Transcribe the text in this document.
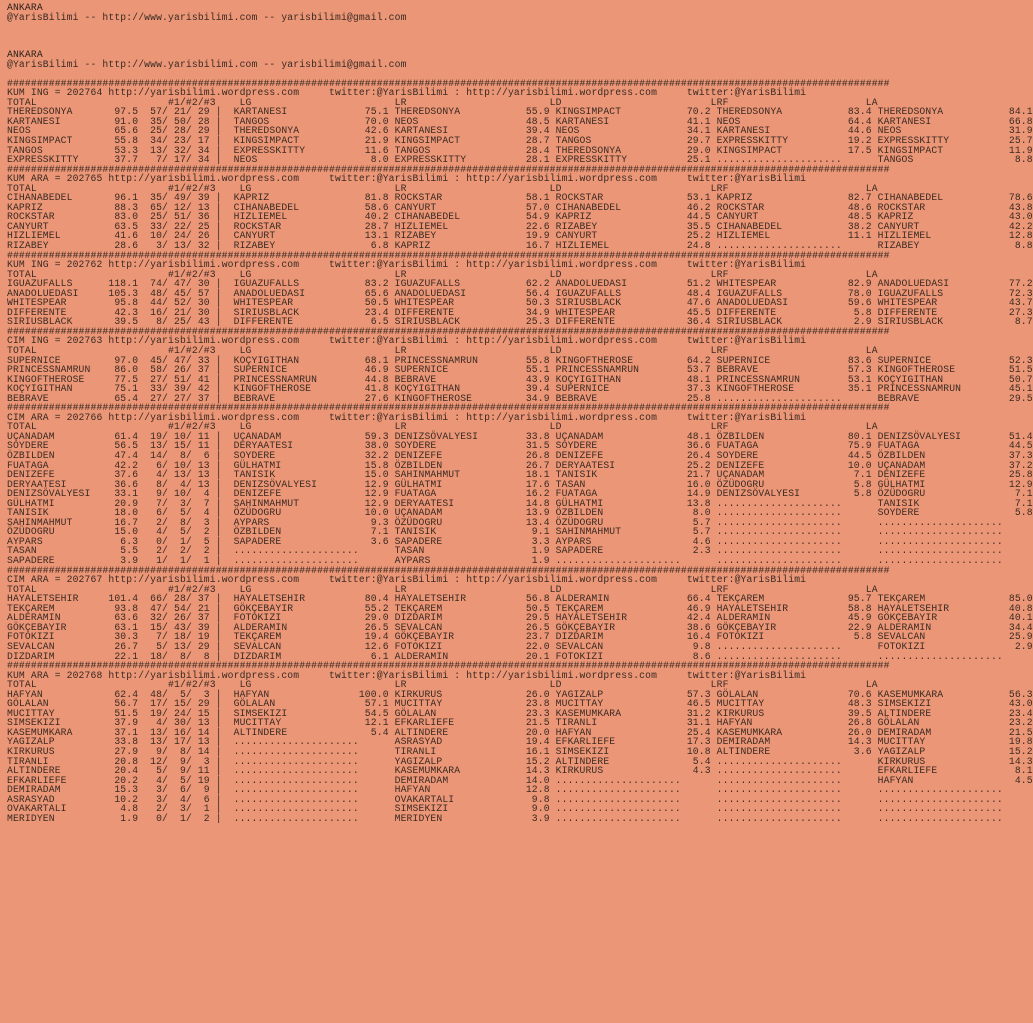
ANKARA
@YarisBilimi -- http://www.yarisbilimi.com -- yarisbilimi@gmail.com
ANKARA
@YarisBilimi -- http://www.yarisbilimi.com -- yarisbilimi@gmail.com
####################################################################################################################################################
KUM ING = 202764 http://yarisbilimi.wordpress.com     twitter:@YarisBilimi : http://yarisbilimi.wordpress.com     twitter:@YarisBilimi
TOTAL                      #1/#2/#3    LG                        LR                        LD                         LRF                       LA
THEREDSONYA       97.5  57/ 21/ 29 |  KARTANESI             75.1 THEREDSONYA           55.9 KINGSIMPACT           70.2 THEREDSONYA           83.4 THEREDSONYA           84.1
KARTANESI         91.0  35/ 50/ 28 |  TANGOS                70.0 NEOS                  48.5 KARTANESI             41.1 NEOS                  64.4 KARTANESI             66.8
NEOS              65.6  25/ 28/ 29 |  THEREDSONYA           42.6 KARTANESI             39.4 NEOS                  34.1 KARTANESI             44.6 NEOS                  31.9
KINGSIMPACT       55.8  34/ 23/ 17 |  KINGSIMPACT           21.9 KINGSIMPACT           28.7 TANGOS                29.7 EXPRESSKITTY          19.2 EXPRESSKITTY          25.7
TANGOS            53.3  13/ 32/ 34 |  EXPRESSKITTY          11.6 TANGOS                28.4 THEREDSONYA           29.0 KINGSIMPACT           17.5 KINGSIMPACT           11.9
EXPRESSKITTY      37.7   7/ 17/ 34 |  NEOS                   8.0 EXPRESSKITTY          28.1 EXPRESSKITTY          25.1 .....................      TANGOS                 8.8
####################################################################################################################################################
KUM ARA = 202765 http://yarisbilimi.wordpress.com     twitter:@YarisBilimi : http://yarisbilimi.wordpress.com     twitter:@YarisBilimi
TOTAL                      #1/#2/#3    LG                        LR                        LD                         LRF                       LA
CIHANABEDEL       96.1  35/ 49/ 39 |  KAPRIZ                81.8 ROCKSTAR              58.1 ROCKSTAR              53.1 KAPRIZ                82.7 CIHANABEDEL           78.6
KAPRIZ            88.3  65/ 12/ 13 |  CIHANABEDEL           58.6 CANYURT               57.0 CIHANABEDEL           46.2 ROCKSTAR              48.6 ROCKSTAR              43.8
ROCKSTAR          83.0  25/ 51/ 36 |  HIZLIEMEL             40.2 CIHANABEDEL           54.9 KAPRIZ                44.5 CANYURT               48.5 KAPRIZ                43.0
CANYURT           63.5  33/ 22/ 25 |  ROCKSTAR              28.7 HIZLIEMEL             22.6 RIZABEY               35.5 CIHANABEDEL           38.2 CANYURT               42.2
HIZLIEMEL         41.6  10/ 24/ 26 |  CANYURT               13.1 RIZABEY               19.9 CANYURT               25.2 HIZLIEMEL             11.1 HIZLIEMEL             12.8
RIZABEY           28.6   3/ 13/ 32 |  RIZABEY                6.8 KAPRIZ                16.7 HIZLIEMEL             24.8 .....................      RIZABEY                8.8
####################################################################################################################################################
KUM ING = 202762 http://yarisbilimi.wordpress.com     twitter:@YarisBilimi : http://yarisbilimi.wordpress.com     twitter:@YarisBilimi
TOTAL                      #1/#2/#3    LG                        LR                        LD                         LRF                       LA
IGUAZUFALLS      118.1  74/ 47/ 30 |  IGUAZUFALLS           83.2 IGUAZUFALLS           62.2 ANADOLUEDASI          51.2 WHITESPEAR            82.9 ANADOLUEDASI          77.2
ANADOLUEDASI     105.3  48/ 45/ 57 |  ANADOLUEDASI          65.6 ANADOLUEDASI          56.4 IGUAZUFALLS           48.4 IGUAZUFALLS           78.0 IGUAZUFALLS           72.3
WHITESPEAR        95.8  44/ 52/ 30 |  WHITESPEAR            50.5 WHITESPEAR            50.3 SIRIUSBLACK           47.6 ANADOLUEDASI          59.6 WHITESPEAR            43.7
DIFFERENTE        42.3  16/ 21/ 30 |  SIRIUSBLACK           23.4 DIFFERENTE            34.9 WHITESPEAR            45.5 DIFFERENTE             5.8 DIFFERENTE            27.3
SIRIUSBLACK       39.5   8/ 25/ 43 |  DIFFERENTE             6.5 SIRIUSBLACK           25.3 DIFFERENTE            36.4 SIRIUSBLACK            2.9 SIRIUSBLACK            8.7
####################################################################################################################################################
CIM ING = 202763 http://yarisbilimi.wordpress.com     twitter:@YarisBilimi : http://yarisbilimi.wordpress.com     twitter:@YarisBilimi
TOTAL                      #1/#2/#3    LG                        LR                        LD                         LRF                       LA
SUPERNICE         97.0  45/ 47/ 33 |  KOÇYIGITHAN           68.1 PRINCESSNAMRUN        55.8 KINGOFTHEROSE         64.2 SUPERNICE             83.6 SUPERNICE             52.3
PRINCESSNAMRUN    86.0  58/ 26/ 37 |  SUPERNICE             46.9 SUPERNICE             55.1 PRINCESSNAMRUN        53.7 BEBRAVE               57.3 KINGOFTHEROSE         51.5
KINGOFTHEROSE     77.5  27/ 51/ 41 |  PRINCESSNAMRUN        44.8 BEBRAVE               43.9 KOÇYIGITHAN           48.1 PRINCESSNAMRUN        53.1 KOÇYIGITHAN           50.7
KOÇYIGITHAN       75.1  33/ 39/ 42 |  KINGOFTHEROSE         41.8 KOÇYIGITHAN           39.4 SUPERNICE             37.3 KINGOFTHEROSE         35.1 PRINCESSNAMRUN        45.1
BEBRAVE           65.4  27/ 27/ 37 |  BEBRAVE               27.6 KINGOFTHEROSE         34.9 BEBRAVE               25.8 .....................      BEBRAVE               29.5
####################################################################################################################################################
CIM ARA = 202766 http://yarisbilimi.wordpress.com     twitter:@YarisBilimi : http://yarisbilimi.wordpress.com     twitter:@YarisBilimi
TOTAL                      #1/#2/#3    LG                        LR                        LD                         LRF                       LA
UÇANADAM          61.4  19/ 10/ 11 |  UÇANADAM              59.3 DENIZSÖVALYESI        33.8 UÇANADAM              48.1 ÖZBILDEN              80.1 DENIZSÖVALYESI        51.4
SOYDERE           56.5  13/ 15/ 11 |  DERYAATESI            38.0 SOYDERE               31.5 SOYDERE               36.6 FUATAGA               75.9 FUATAGA               44.5
ÖZBILDEN          47.4  14/  8/  6 |  SOYDERE               32.2 DENIZEFE              26.8 DENIZEFE              26.4 SOYDERE               44.5 ÖZBILDEN              37.3
FUATAGA           42.2   6/ 10/ 13 |  GÜLHATMI              15.8 ÖZBILDEN              26.7 DERYAATESI            25.2 DENIZEFE              10.0 UÇANADAM              37.2
DENIZEFE          37.6   4/ 13/ 13 |  TANISIK               15.0 SAHINMAHMUT           18.1 TANISIK               21.7 UÇANADAM               7.1 DENIZEFE              25.8
DERYAATESI        36.6   8/  4/ 13 |  DENIZSÖVALYESI        12.9 GÜLHATMI              17.6 TASAN                 16.0 ÖZÜDOGRU               5.8 GÜLHATMI              12.9
DENIZSÖVALYESI    33.1   9/ 10/  4 |  DENIZEFE              12.9 FUATAGA               16.2 FUATAGA               14.9 DENIZSÖVALYESI         5.8 ÖZÜDOGRU               7.1
GÜLHATMI          20.9   7/  3/  7 |  SAHINMAHMUT           12.9 DERYAATESI            14.8 GÜLHATMI              13.8 .....................      TANISIK                7.1
TANISIK           18.0   6/  5/  4 |  ÖZÜDOGRU              10.0 UÇANADAM              13.9 ÖZBILDEN               8.0 .....................      SOYDERE                5.8
SAHINMAHMUT       16.7   2/  8/  3 |  AYPARS                 9.3 ÖZÜDOGRU              13.4 ÖZÜDOGRU               5.7 .....................      .....................
ÖZÜDOGRU          15.0   4/  5/  2 |  ÖZBILDEN               7.1 TANISIK                9.1 SAHINMAHMUT            5.7 .....................      .....................
AYPARS             6.3   0/  1/  5 |  SAPADERE               3.6 SAPADERE               3.3 AYPARS                 4.6 .....................      .....................
TASAN              5.5   2/  2/  2 |  .....................      TASAN                  1.9 SAPADERE               2.3 .....................      .....................
SAPADERE           3.9   1/  1/  1 |  .....................      AYPARS                 1.9 .....................      .....................      .....................
####################################################################################################################################################
CIM ARA = 202767 http://yarisbilimi.wordpress.com     twitter:@YarisBilimi : http://yarisbilimi.wordpress.com     twitter:@YarisBilimi
TOTAL                      #1/#2/#3    LG                        LR                        LD                         LRF                       LA
HAYALETSEHIR     101.4  66/ 28/ 37 |  HAYALETSEHIR          80.4 HAYALETSEHIR          56.8 ALDERAMIN             66.4 TEKÇAREM              95.7 TEKÇAREM              85.0
TEKÇAREM          93.8  47/ 54/ 21 |  GÖKÇEBAYIR            55.2 TEKÇAREM              50.5 TEKÇAREM              46.9 HAYALETSEHIR          58.8 HAYALETSEHIR          40.8
ALDERAMIN         63.6  32/ 26/ 37 |  FOTOKIZI              29.0 DIZDARIM              29.5 HAYALETSEHIR          42.4 ALDERAMIN             45.9 GÖKÇEBAYIR            40.1
GÖKÇEBAYIR        63.1  15/ 43/ 39 |  ALDERAMIN             26.5 SEVALCAN              26.5 GÖKÇEBAYIR            38.6 GÖKÇEBAYIR            22.9 ALDERAMIN             34.4
FOTOKIZI          30.3   7/ 18/ 19 |  TEKÇAREM              19.4 GÖKÇEBAYIR            23.7 DIZDARIM              16.4 FOTOKIZI               5.8 SEVALCAN              25.9
SEVALCAN          26.7   5/ 13/ 29 |  SEVALCAN              12.6 FOTOKIZI              22.0 SEVALCAN               9.8 .....................      FOTOKIZI               2.9
DIZDARIM          22.1  18/  8/  8 |  DIZDARIM               6.1 ALDERAMIN             20.1 FOTOKIZI               8.6 .....................      .....................
####################################################################################################################################################
KUM ARA = 202768 http://yarisbilimi.wordpress.com     twitter:@YarisBilimi : http://yarisbilimi.wordpress.com     twitter:@YarisBilimi
TOTAL                      #1/#2/#3    LG                        LR                        LD                         LRF                       LA
HAFYAN            62.4  48/  5/  3 |  HAFYAN               100.0 KIRKURUS              26.0 YAGIZALP              57.3 GÖLALAN               70.6 KASEMUMKARA           56.3
GÖLALAN           56.7  17/ 15/ 29 |  GÖLALAN               57.1 MUCITTAY              23.8 MUCITTAY              46.5 MUCITTAY              48.3 SIMSEKIZI             43.0
MUCITTAY          51.5  19/ 24/ 15 |  SIMSEKIZI             54.5 GÖLALAN               23.3 KASEMUMKARA           31.2 KIRKURUS              39.5 ALTINDERE             23.4
SIMSEKIZI         37.9   4/ 30/ 13 |  MUCITTAY              12.1 EFKARLIEFE            21.5 TIRANLI               31.1 HAFYAN                26.8 GÖLALAN               23.2
KASEMUMKARA       37.1  13/ 16/ 14 |  ALTINDERE              5.4 ALTINDERE             20.0 HAFYAN                25.4 KASEMUMKARA           26.0 DEMIRADAM             21.5
YAGIZALP          33.8  13/ 17/ 13 |  .....................      ASRASYAD              19.4 EFKARLIEFE            17.3 DEMIRADAM             14.3 MUCITTAY              19.8
KIRKURUS          27.9   9/  8/ 14 |  .....................      TIRANLI               16.1 SIMSEKIZI             10.8 ALTINDERE              3.6 YAGIZALP              15.2
TIRANLI           20.8  12/  9/  3 |  .....................      YAGIZALP              15.2 ALTINDERE              5.4 .....................      KIRKURUS              14.3
ALTINDERE         20.4   5/  9/ 11 |  .....................      KASEMUMKARA           14.3 KIRKURUS               4.3 .....................      EFKARLIEFE             8.1
EFKARLIEFE        20.2   4/  5/ 19 |  .....................      DEMIRADAM             14.0 .....................      .....................      HAFYAN                 4.5
DEMIRADAM         15.3   3/  6/  9 |  .....................      HAFYAN                12.8 .....................      .....................      .....................
ASRASYAD          10.2   3/  4/  6 |  .....................      OVAKARTALI             9.8 .....................      .....................      .....................
OVAKARTALI         4.8   2/  3/  1 |  .....................      SIMSEKIZI              9.0 .....................      .....................      .....................
MERIDYEN           1.9   0/  1/  2 |  .....................      MERIDYEN               3.9 .....................      .....................      .....................
